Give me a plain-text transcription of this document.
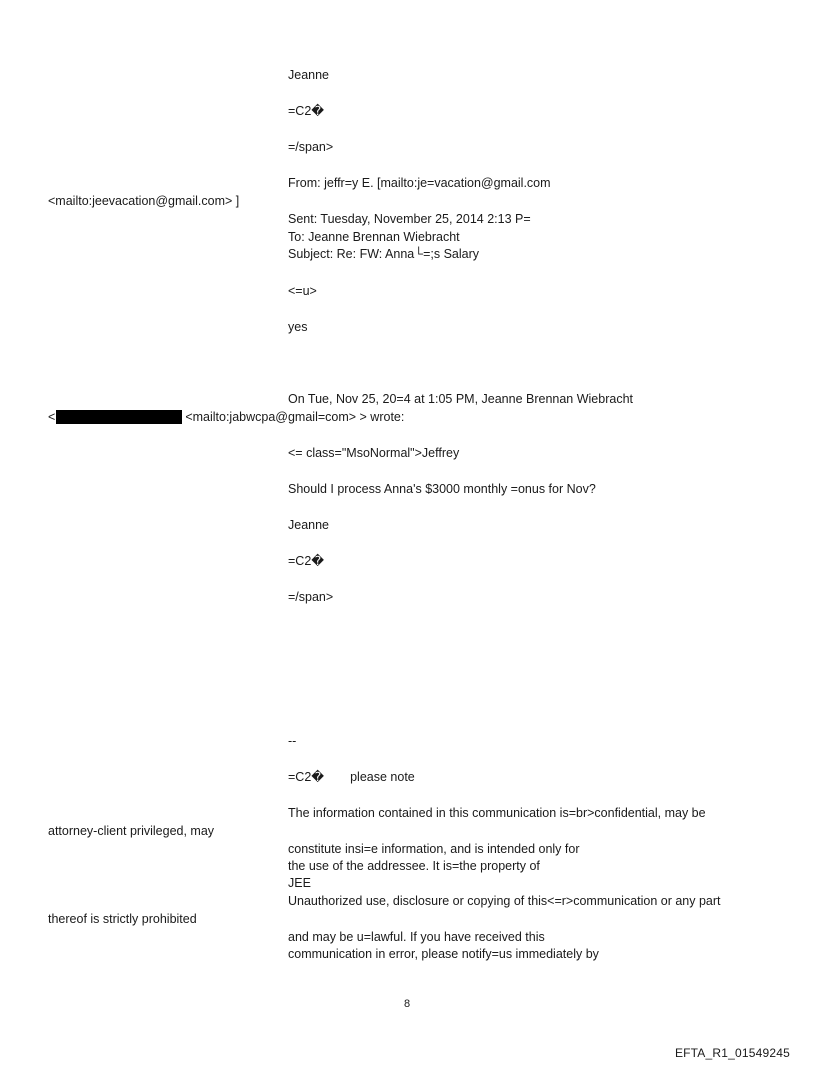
Jeanne
=C2�
=/span>
From: jeffr=y E. [mailto:je=vacation@gmail.com
<mailto:jeevacation@gmail.com> ]
Sent: Tuesday, November 25, 2014 2:13 P=
To: Jeanne Brennan Wiebracht
Subject: Re: FW: Anna└=;s Salary
<=u>
yes
On Tue, Nov 25, 20=4 at 1:05 PM, Jeanne Brennan Wiebracht
<	<mailto:jabwcpa@gmail=com> > wrote:
<= class="MsoNormal">Jeffrey
Should I process Anna's $3000 monthly =onus for Nov?
Jeanne
=C2�
=/span>
--
=C2� please note
The information contained in this communication is=br>confidential, may be
attorney-client privileged, may
constitute insi=e information, and is intended only for
the use of the addressee. It is=the property of
JEE
Unauthorized use, disclosure or copying of this<=r>communication or any part
thereof is strictly prohibited
and may be u=lawful. If you have received this
communication in error, please notify=us immediately by
8
EFTA_R1_01549245
